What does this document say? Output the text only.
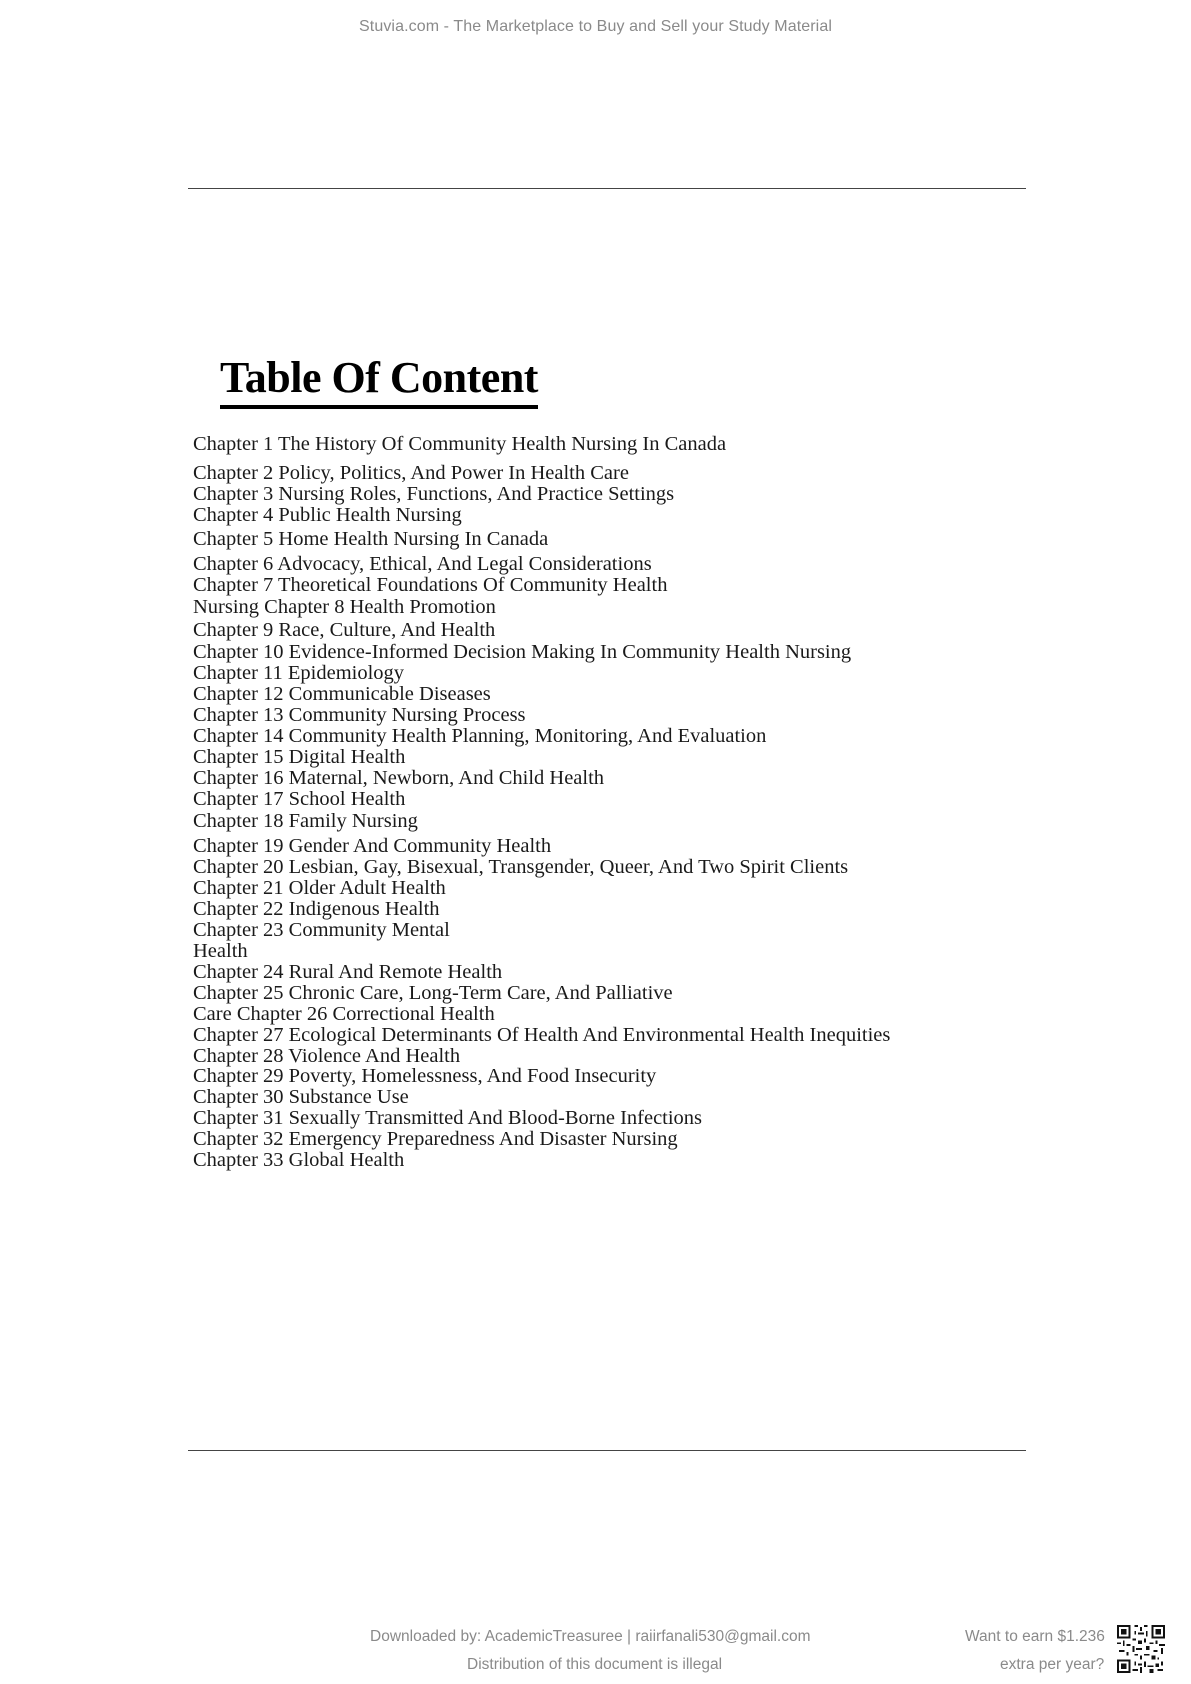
Stuvia.com - The Marketplace to Buy and Sell your Study Material
Table Of Content
Chapter 1 The History Of Community Health Nursing In Canada
Chapter 2 Policy, Politics, And Power In Health Care
Chapter 3 Nursing Roles, Functions, And Practice Settings
Chapter 4 Public Health Nursing
Chapter 5 Home Health Nursing In Canada
Chapter 6 Advocacy, Ethical, And Legal Considerations
Chapter 7 Theoretical Foundations Of Community Health
Nursing Chapter 8 Health Promotion
Chapter 9 Race, Culture, And Health
Chapter 10 Evidence-Informed Decision Making In Community Health Nursing
Chapter 11 Epidemiology
Chapter 12 Communicable Diseases
Chapter 13 Community Nursing Process
Chapter 14 Community Health Planning, Monitoring, And Evaluation
Chapter 15 Digital Health
Chapter 16 Maternal, Newborn, And Child Health
Chapter 17 School Health
Chapter 18 Family Nursing
Chapter 19 Gender And Community Health
Chapter 20 Lesbian, Gay, Bisexual, Transgender, Queer, And Two Spirit Clients
Chapter 21 Older Adult Health
Chapter 22 Indigenous Health
Chapter 23 Community Mental
Health
Chapter 24 Rural And Remote Health
Chapter 25 Chronic Care, Long-Term Care, And Palliative
Care Chapter 26 Correctional Health
Chapter 27 Ecological Determinants Of Health And Environmental Health Inequities
Chapter 28 Violence And Health
Chapter 29 Poverty, Homelessness, And Food Insecurity
Chapter 30 Substance Use
Chapter 31 Sexually Transmitted And Blood-Borne Infections
Chapter 32 Emergency Preparedness And Disaster Nursing
Chapter 33 Global Health
Downloaded by: AcademicTreasuree | raiirfanali530@gmail.com
Distribution of this document is illegal
Want to earn $1.236
extra per year?
